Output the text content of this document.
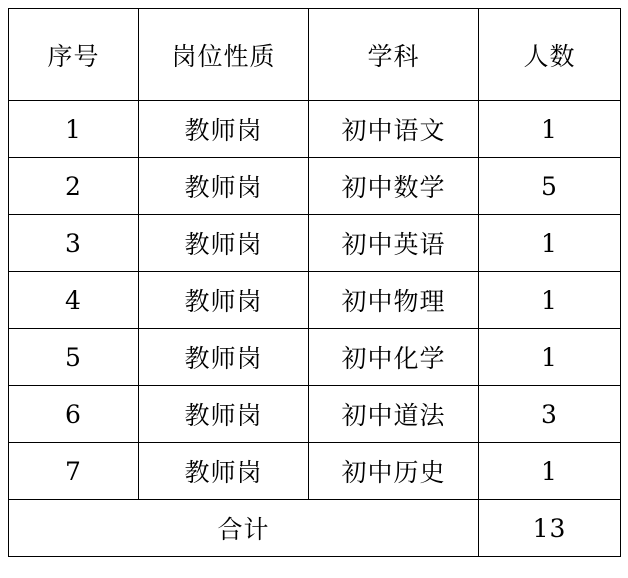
序号	岗位性质	学科	人数
1	教师岗	初中语文	1
2	教师岗	初中数学	5
3	教师岗	初中英语	1
4	教师岗	初中物理	1
5	教师岗	初中化学	1
6	教师岗	初中道法	3
7	教师岗	初中历史	1
合计			13
